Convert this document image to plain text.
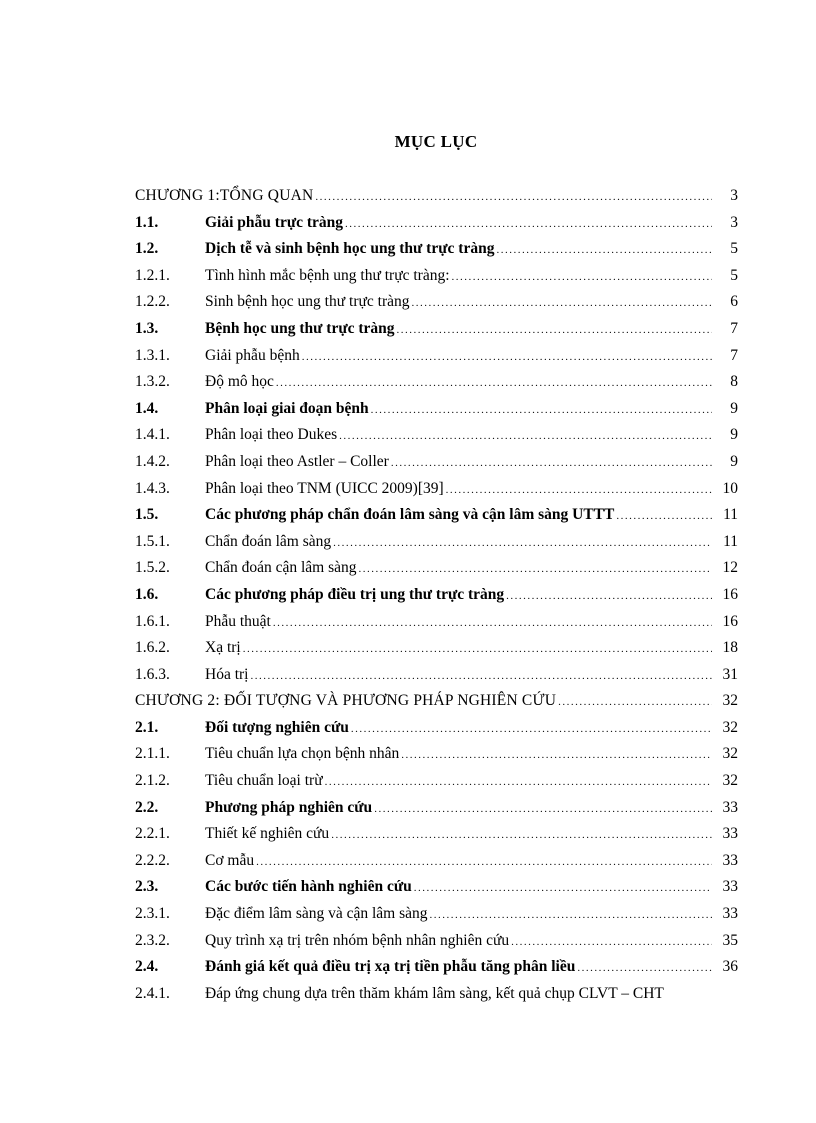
MỤC LỤC
CHƯƠNG 1:TỔNG QUAN .....	3
1.1.	Giải phẫu trực tràng .....	3
1.2.	Dịch tễ và sinh bệnh học ung thư trực tràng .....	5
1.2.1.	Tình hình mắc bệnh ung thư trực tràng: .....	5
1.2.2.	Sinh bệnh học ung thư trực tràng .....	6
1.3.	Bệnh học ung thư trực tràng .....	7
1.3.1.	Giải phẫu bệnh .....	7
1.3.2.	Độ mô học .....	8
1.4.	Phân loại giai đoạn bệnh .....	9
1.4.1.	Phân loại theo Dukes .....	9
1.4.2.	Phân loại theo Astler – Coller .....	9
1.4.3.	Phân loại theo TNM (UICC 2009)[39] .....	10
1.5.	Các phương pháp chẩn đoán lâm sàng và cận lâm sàng UTTT .....	11
1.5.1.	Chẩn đoán lâm sàng .....	11
1.5.2.	Chẩn đoán cận lâm sàng .....	12
1.6.	Các phương pháp điều trị ung thư trực tràng .....	16
1.6.1.	Phẫu thuật .....	16
1.6.2.	Xạ trị .....	18
1.6.3.	Hóa trị .....	31
CHƯƠNG 2: ĐỐI TƯỢNG VÀ PHƯƠNG PHÁP NGHIÊN CỨU .....	32
2.1.	Đối tượng nghiên cứu .....	32
2.1.1.	Tiêu chuẩn lựa chọn bệnh nhân .....	32
2.1.2.	Tiêu chuẩn loại trừ .....	32
2.2.	Phương pháp nghiên cứu .....	33
2.2.1.	Thiết kế nghiên cứu .....	33
2.2.2.	Cơ mẫu .....	33
2.3.	Các bước tiến hành nghiên cứu .....	33
2.3.1.	Đặc điểm lâm sàng và cận lâm sàng .....	33
2.3.2.	Quy trình xạ trị trên nhóm bệnh nhân nghiên cứu .....	35
2.4.	Đánh giá kết quả điều trị xạ trị tiền phẫu tăng phân liều .....	36
2.4.1.	Đáp ứng chung dựa trên thăm khám lâm sàng, kết quả chụp CLVT – CHT
